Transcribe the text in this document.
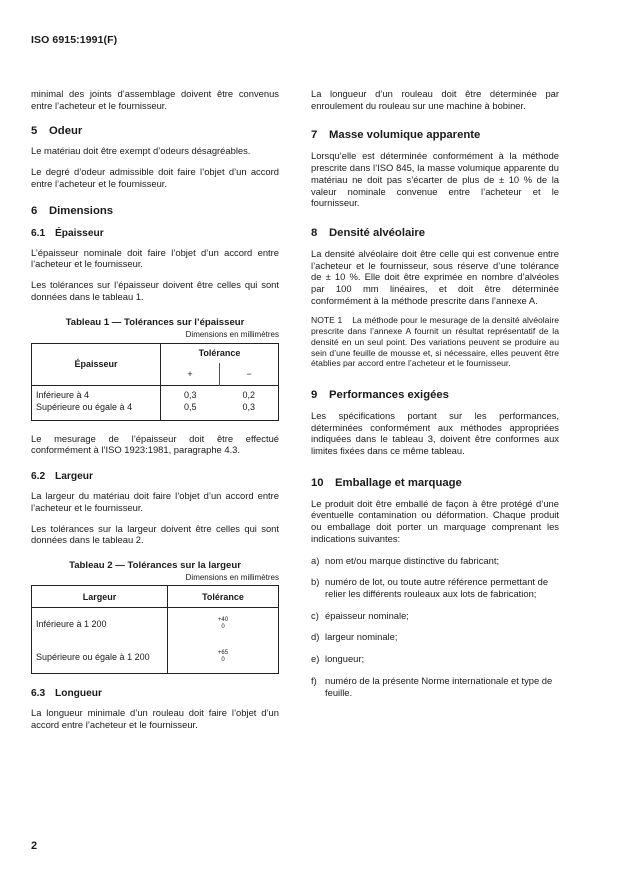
ISO 6915:1991(F)

minimal des joints d’assemblage doivent être convenus entre l’acheteur et le fournisseur.

5 Odeur

Le matériau doit être exempt d’odeurs désagréables.

Le degré d’odeur admissible doit faire l’objet d’un accord entre l’acheteur et le fournisseur.

6 Dimensions
6.1 Épaisseur

L’épaisseur nominale doit faire l’objet d’un accord entre l’acheteur et le fournisseur.

Les tolérances sur l’épaisseur doivent être celles qui sont données dans le tableau 1.

Tableau 1 — Tolérances sur l’épaisseur

Dimensions en millimètres

Épaisseur	Tolérance	
	+	−
Inférieure à 4	0,3	0,2
Supérieure ou égale à 4	0,5	0,3

Le mesurage de l’épaisseur doit être effectué conformément à l’ISO 1923:1981, paragraphe 4.3.

6.2 Largeur

La largeur du matériau doit faire l’objet d’un accord entre l’acheteur et le fournisseur.

Les tolérances sur la largeur doivent être celles qui sont données dans le tableau 2.

Tableau 2 — Tolérances sur la largeur

Dimensions en millimètres

Largeur	Tolérance
Inférieure à 1 200	+40
0

Supérieure ou égale à 1 200	+65
0
6.3 Longueur

La longueur minimale d’un rouleau doit faire l’objet d’un accord entre l’acheteur et le fournisseur.

La longueur d’un rouleau doit être déterminée par enroulement du rouleau sur une machine à bobiner.

7 Masse volumique apparente

Lorsqu’elle est déterminée conformément à la méthode prescrite dans l’ISO 845, la masse volumique apparente du matériau ne doit pas s’écarter de plus de ± 10 % de la valeur nominale convenue entre l’acheteur et le fournisseur.

8 Densité alvéolaire

La densité alvéolaire doit être celle qui est convenue entre l’acheteur et le fournisseur, sous réserve d’une tolérance de ± 10 %. Elle doit être exprimée en nombre d’alvéoles par 100 mm linéaires, et doit être déterminée conformément à la méthode prescrite dans l’annexe A.

NOTE 1 La méthode pour le mesurage de la densité alvéolaire prescrite dans l’annexe A fournit un résultat représentatif de la densité en un seul point. Des variations peuvent se produire au sein d’une feuille de mousse et, si nécessaire, elles peuvent être établies par accord entre l’acheteur et le fournisseur.

9 Performances exigées

Les spécifications portant sur les performances, déterminées conformément aux méthodes appropriées indiquées dans le tableau 3, doivent être conformes aux limites fixées dans ce même tableau.

10 Emballage et marquage

Le produit doit être emballé de façon à être protégé d’une éventuelle contamination ou déformation. Chaque produit ou emballage doit porter un marquage comprenant les indications suivantes:

a) nom et/ou marque distinctive du fabricant;
b) numéro de lot, ou toute autre référence permettant de relier les différents rouleaux aux lots de fabrication;
c) épaisseur nominale;
d) largeur nominale;
e) longueur;
f) numéro de la présente Norme internationale et type de feuille.
2
